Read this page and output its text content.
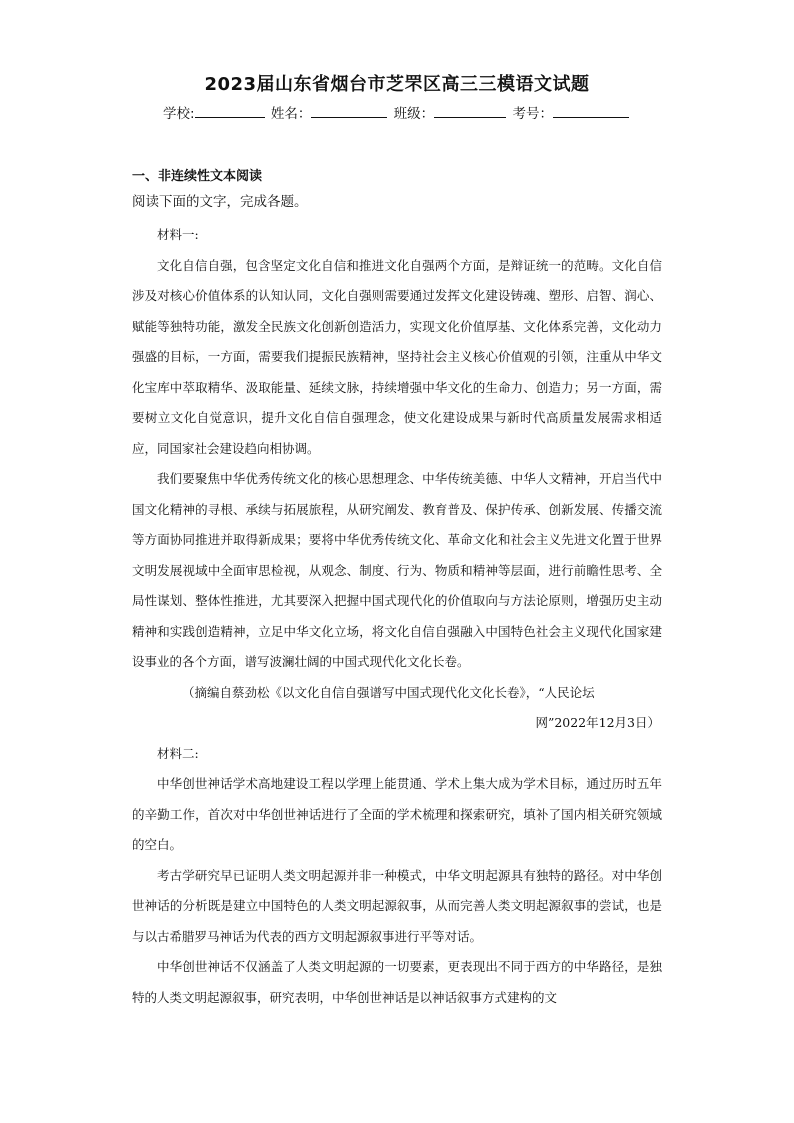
2023届山东省烟台市芝罘区高三三模语文试题
学校:	姓名：	班级：	考号：
一、非连续性文本阅读
阅读下面的文字，完成各题。

材料一:

文化自信自强，包含坚定文化自信和推进文化自强两个方面，是辩证统一的范畴。文化自信涉及对核心价值体系的认知认同，文化自强则需要通过发挥文化建设铸魂、塑形、启智、润心、赋能等独特功能，激发全民族文化创新创造活力，实现文化价值厚基、文化体系完善，文化动力强盛的目标，一方面，需要我们提振民族精神，坚持社会主义核心价值观的引领，注重从中华文化宝库中萃取精华、汲取能量、延续文脉，持续增强中华文化的生命力、创造力；另一方面，需要树立文化自觉意识，提升文化自信自强理念，使文化建设成果与新时代高质量发展需求相适应，同国家社会建设趋向相协调。

我们要聚焦中华优秀传统文化的核心思想理念、中华传统美德、中华人文精神，开启当代中国文化精神的寻根、承续与拓展旅程，从研究阐发、教育普及、保护传承、创新发展、传播交流等方面协同推进并取得新成果；要将中华优秀传统文化、革命文化和社会主义先进文化置于世界文明发展视域中全面审思检视，从观念、制度、行为、物质和精神等层面，进行前瞻性思考、全局性谋划、整体性推进，尤其要深入把握中国式现代化的价值取向与方法论原则，增强历史主动精神和实践创造精神，立足中华文化立场，将文化自信自强融入中国特色社会主义现代化国家建设事业的各个方面，谱写波澜壮阔的中国式现代化文化长卷。

（摘编自蔡劲松《以文化自信自强谱写中国式现代化文化长卷》，“人民论坛

网”2022年12月3日）

材料二:

中华创世神话学术高地建设工程以学理上能贯通、学术上集大成为学术目标，通过历时五年的辛勤工作，首次对中华创世神话进行了全面的学术梳理和探索研究，填补了国内相关研究领域的空白。

考古学研究早已证明人类文明起源并非一种模式，中华文明起源具有独特的路径。对中华创世神话的分析既是建立中国特色的人类文明起源叙事，从而完善人类文明起源叙事的尝试，也是与以古希腊罗马神话为代表的西方文明起源叙事进行平等对话。

中华创世神话不仅涵盖了人类文明起源的一切要素，更表现出不同于西方的中华路径，是独特的人类文明起源叙事，研究表明，中华创世神话是以神话叙事方式建构的文
